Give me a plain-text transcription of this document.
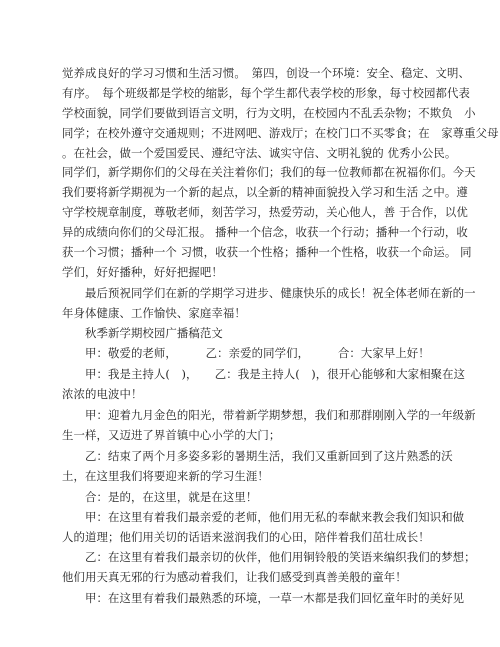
觉养成良好的学习习惯和生活习惯。　第四，创设一个环境：安全、稳定、文明、
有序。　每个班级都是学校的缩影，每个学生都代表学校的形象，每寸校园都代表
学校面貌，同学们要做到语言文明，行为文明，在校园内不乱丢杂物；不欺负　小
同学；在校外遵守交通规则；不进网吧、游戏厅；在校门口不买零食；在　家尊重父母
。在社会，做一个爱国爱民、遵纪守法、诚实守信、文明礼貌的 优秀小公民。
同学们，新学期你们的父母在关注着你们；我们的每一位教师都在祝福你们。今天
我们要将新学期视为一个新的起点，以全新的精神面貌投入学习和生活 之中。遵
守学校规章制度，尊敬老师，刻苦学习，热爱劳动，关心他人，善 于合作，以优
异的成绩向你们的父母汇报。 播种一个信念，收获一个行动；播种一个行动，收
获一个习惯；播种一个 习惯，收获一个性格；播种一个性格，收获一个命运。 同
学们，好好播种，好好把握吧！
　　最后预祝同学们在新的学期学习进步、健康快乐的成长！祝全体老师在新的一
年身体健康、工作愉快、家庭幸福！
　　秋季新学期校园广播稿范文
　　甲：敬爱的老师，　　　乙：亲爱的同学们，　　　合：大家早上好！
　　甲：我是主持人(　)，　　乙：我是主持人(　)，很开心能够和大家相聚在这
浓浓的电波中！
　　甲：迎着九月金色的阳光，带着新学期梦想，我们和那群刚刚入学的一年级新
生一样，又迈进了界首镇中心小学的大门；
　　乙：结束了两个月多姿多彩的暑期生活，我们又重新回到了这片熟悉的沃
土，在这里我们将要迎来新的学习生涯！
　　合：是的，在这里，就是在这里！
　　甲：在这里有着我们最亲爱的老师，他们用无私的奉献来教会我们知识和做
人的道理；他们用关切的话语来滋润我们的心田，陪伴着我们茁壮成长！
　　乙：在这里有着我们最亲切的伙伴，他们用铜铃般的笑语来编织我们的梦想；
他们用天真无邪的行为感动着我们，让我们感受到真善美般的童年！
　　甲：在这里有着我们最熟悉的环境，一草一木都是我们回忆童年时的美好见
